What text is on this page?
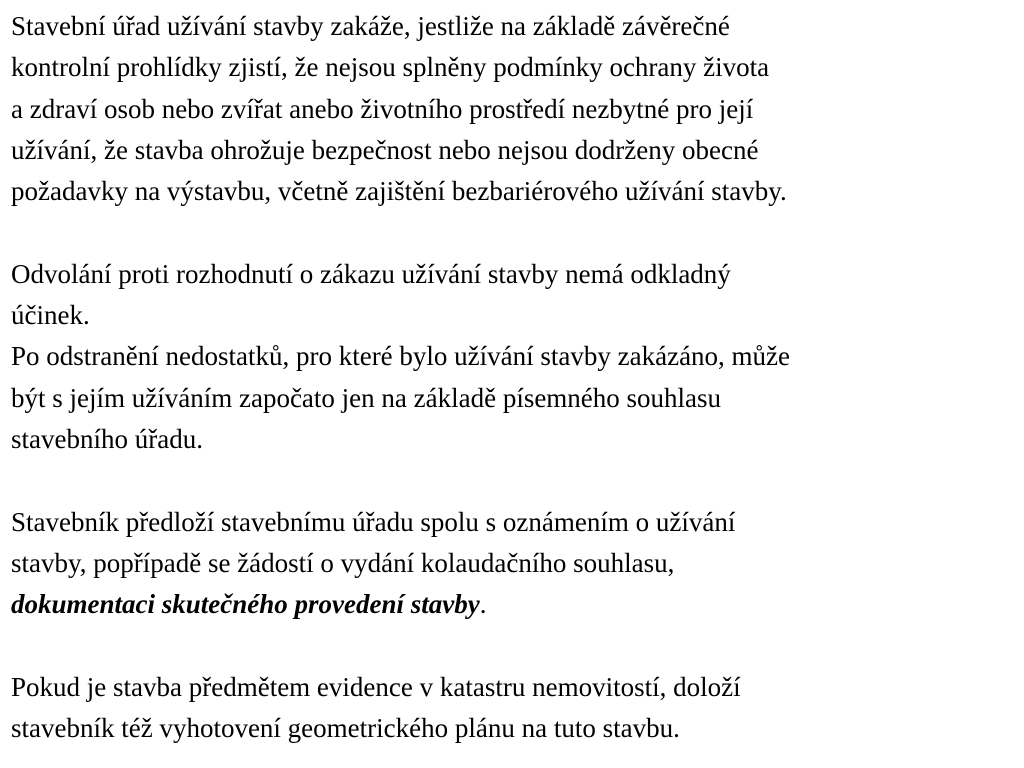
Stavební úřad užívání stavby zakáže, jestliže na základě závěrečné
kontrolní prohlídky zjistí, že nejsou splněny podmínky ochrany života
a zdraví osob nebo zvířat anebo životního prostředí nezbytné pro její
užívání, že stavba ohrožuje bezpečnost nebo nejsou dodrženy obecné
požadavky na výstavbu, včetně zajištění bezbariérového užívání stavby.

Odvolání proti rozhodnutí o zákazu užívání stavby nemá odkladný
účinek.

Po odstranění nedostatků, pro které bylo užívání stavby zakázáno, může
být s jejím užíváním započato jen na základě písemného souhlasu
stavebního úřadu.

Stavebník předloží stavebnímu úřadu spolu s oznámením o užívání
stavby, popřípadě se žádostí o vydání kolaudačního souhlasu,
dokumentaci skutečného provedení stavby.

Pokud je stavba předmětem evidence v katastru nemovitostí, doloží
stavebník též vyhotovení geometrického plánu na tuto stavbu.
